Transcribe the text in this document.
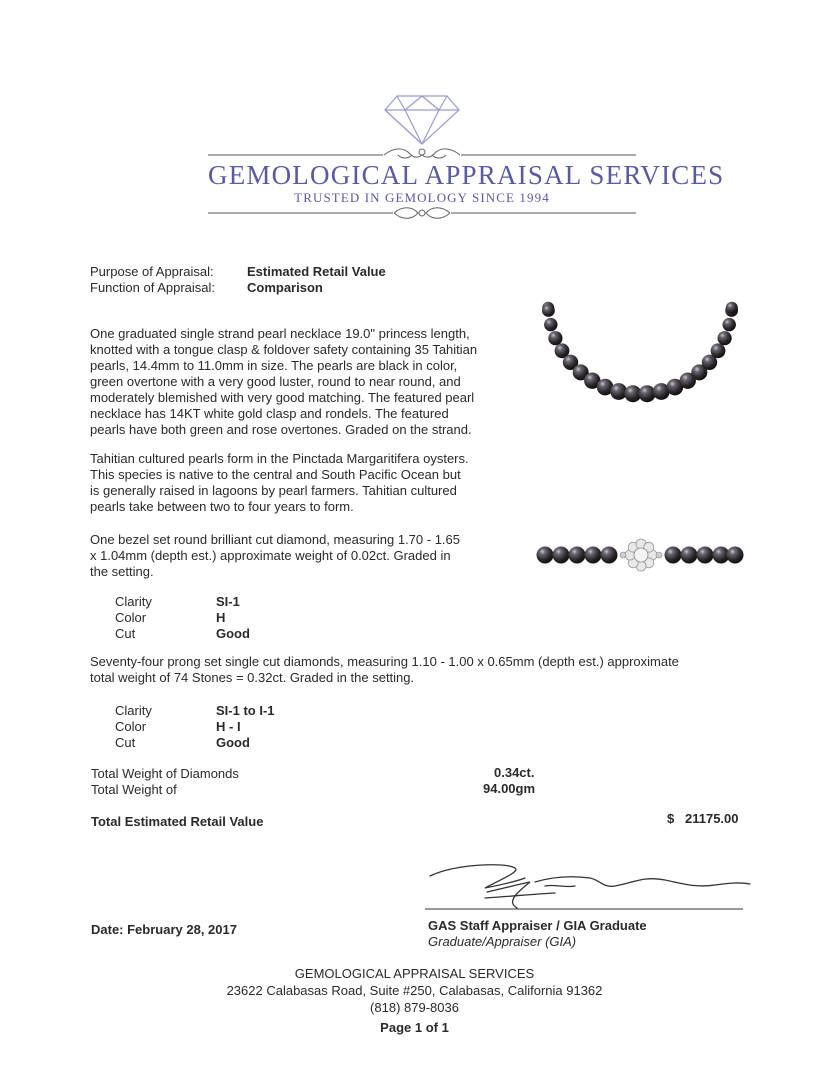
GEMOLOGICAL APPRAISAL SERVICES
TRUSTED IN GEMOLOGY SINCE 1994
Purpose of Appraisal:	Estimated Retail Value
Function of Appraisal: Comparison
One graduated single strand pearl necklace 19.0" princess length,
knotted with a tongue clasp & foldover safety containing 35 Tahitian
pearls, 14.4mm to 11.0mm in size. The pearls are black in color,
green overtone with a very good luster, round to near round, and
moderately blemished with very good matching. The featured pearl
necklace has 14KT white gold clasp and rondels. The featured
pearls have both green and rose overtones. Graded on the strand.
Tahitian cultured pearls form in the Pinctada Margaritifera oysters.
This species is native to the central and South Pacific Ocean but
is generally raised in lagoons by pearl farmers. Tahitian cultured
pearls take between two to four years to form.
One bezel set round brilliant cut diamond, measuring 1.70 - 1.65
x 1.04mm (depth est.) approximate weight of 0.02ct. Graded in
the setting.
Clarity	SI-1
Color	H
Cut	Good
Seventy-four prong set single cut diamonds, measuring 1.10 - 1.00 x 0.65mm (depth est.) approximate
total weight of 74 Stones = 0.32ct. Graded in the setting.
Clarity	SI-1 to I-1
Color	H - I
Cut	Good
Total Weight of Diamonds	0.34ct.
Total Weight of	94.00gm
Total Estimated Retail Value	$ 21175.00
Date: February 28, 2017	GAS Staff Appraiser / GIA Graduate
Graduate/Appraiser (GIA)
GEMOLOGICAL APPRAISAL SERVICES
23622 Calabasas Road, Suite #250, Calabasas, California 91362
(818) 879-8036
Page 1 of 1
